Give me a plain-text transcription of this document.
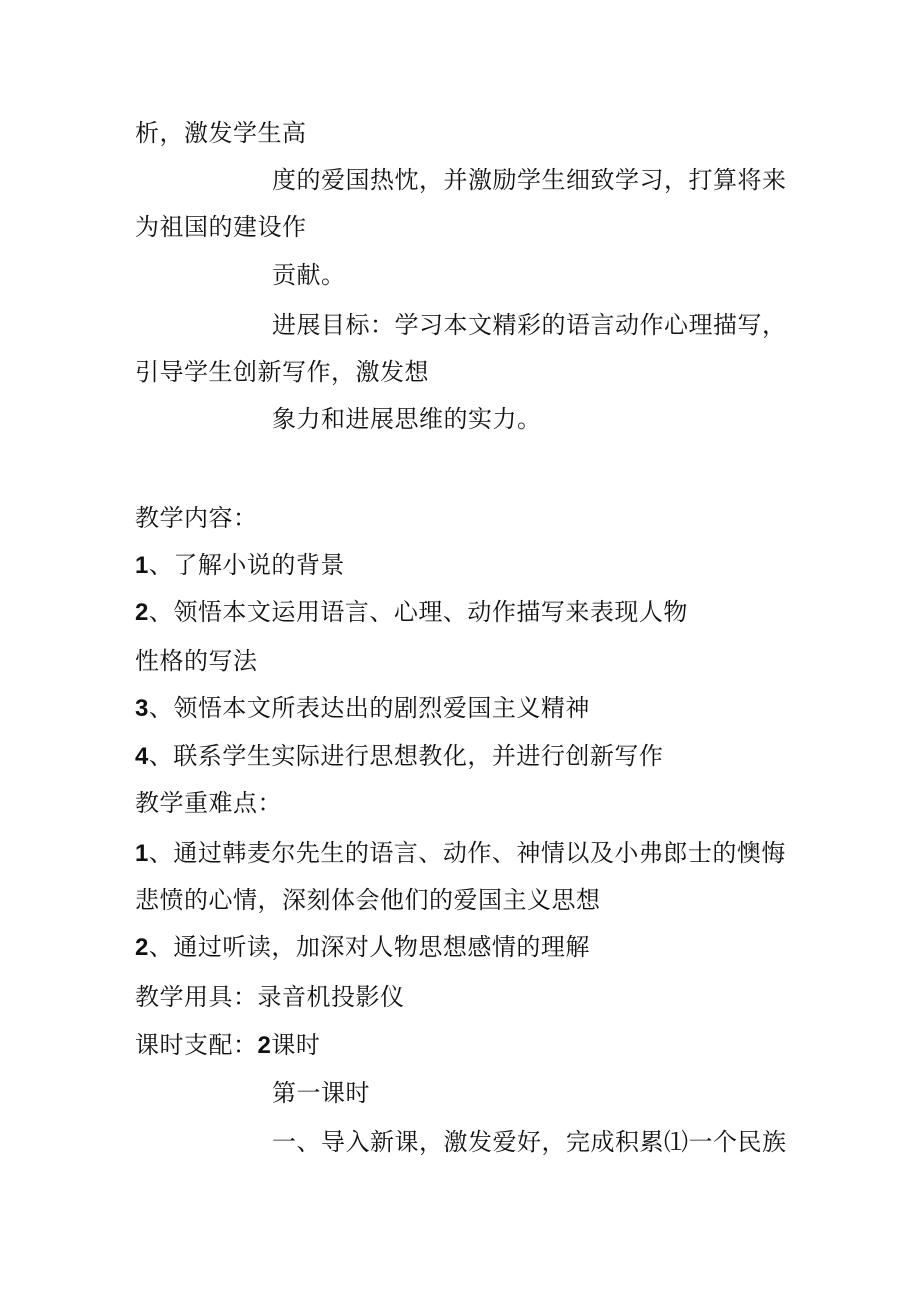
析，激发学生高
度的爱国热忱，并激励学生细致学习，打算将来
为祖国的建设作
贡献。
进展目标：学习本文精彩的语言动作心理描写，
引导学生创新写作，激发想
象力和进展思维的实力。
教学内容：
1、了解小说的背景
2、领悟本文运用语言、心理、动作描写来表现人物
性格的写法
3、领悟本文所表达出的剧烈爱国主义精神
4、联系学生实际进行思想教化，并进行创新写作
教学重难点：
1、通过韩麦尔先生的语言、动作、神情以及小弗郎士的懊悔
悲愤的心情，深刻体会他们的爱国主义思想
2、通过听读，加深对人物思想感情的理解
教学用具：录音机投影仪
课时支配：2课时
第一课时
一、导入新课，激发爱好，完成积累⑴一个民族
